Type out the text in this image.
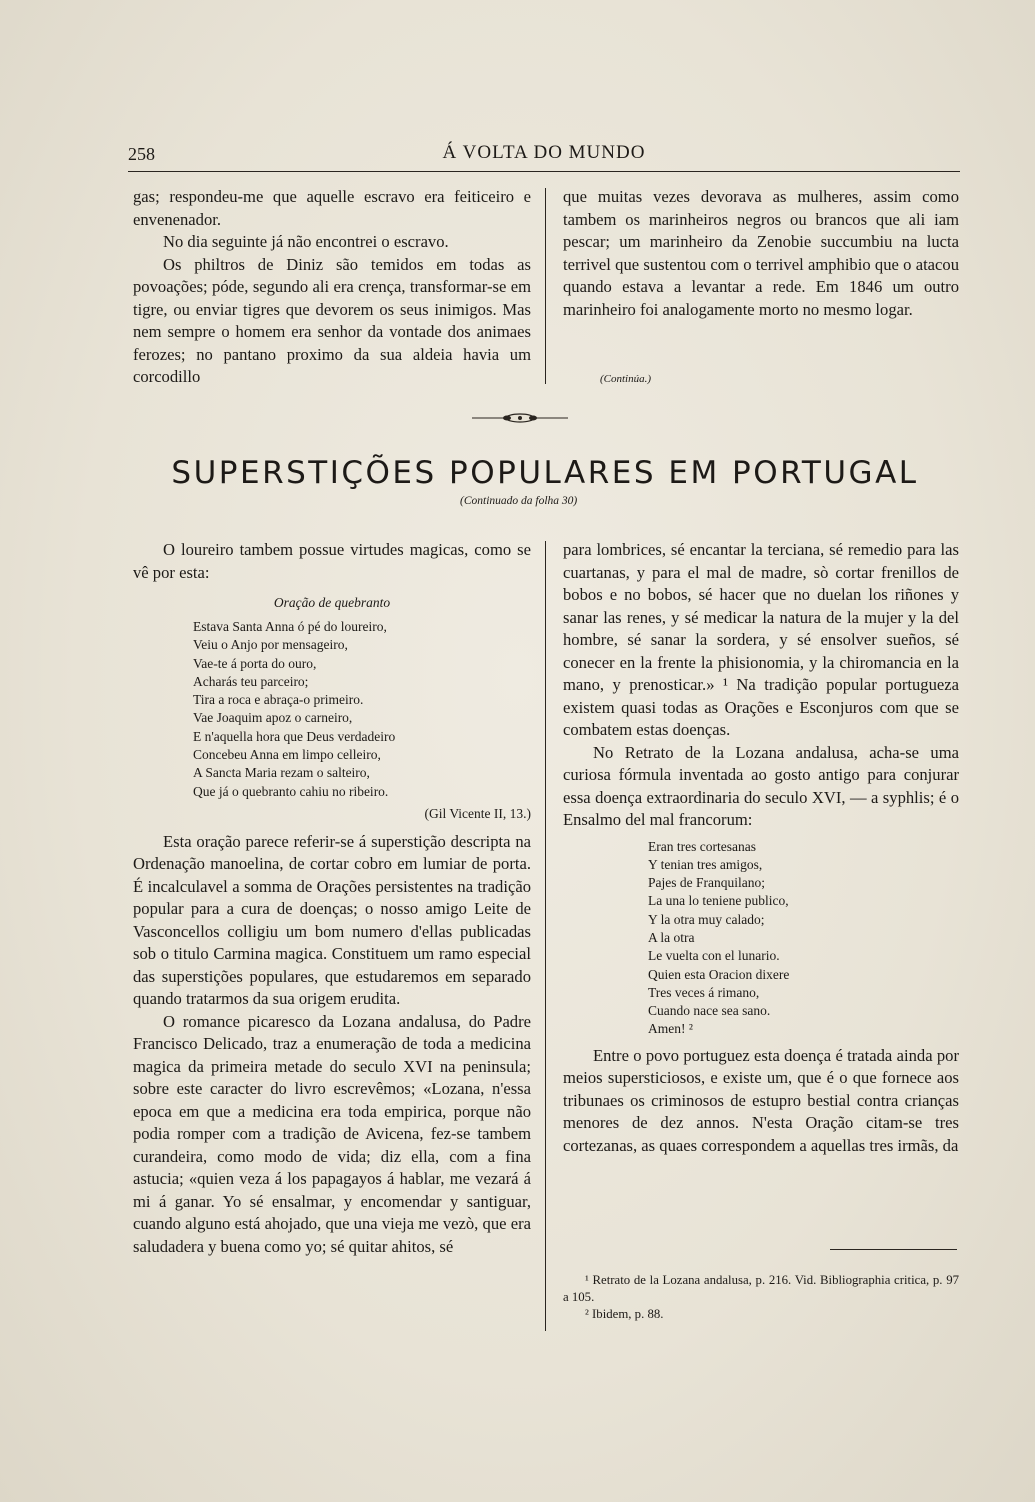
258	Á VOLTA DO MUNDO

gas; respondeu-me que aquelle escravo era feiticeiro e envenenador.

No dia seguinte já não encontrei o escravo.

Os philtros de Diniz são temidos em todas as povoações; póde, segundo ali era crença, transformar-se em tigre, ou enviar tigres que devorem os seus inimigos. Mas nem sempre o homem era senhor da vontade dos animaes ferozes; no pantano proximo da sua aldeia havia um corcodillo

que muitas vezes devorava as mulheres, assim como tambem os marinheiros negros ou brancos que ali iam pescar; um marinheiro da Zenobie succumbiu na lucta terrivel que sustentou com o terrivel amphibio que o atacou quando estava a levantar a rede. Em 1846 um outro marinheiro foi analogamente morto no mesmo logar.

(Continúa.)
SUPERSTIÇÕES POPULARES EM PORTUGAL
(Continuado da folha 30)

O loureiro tambem possue virtudes magicas, como se vê por esta:

Oração de quebranto
Estava Santa Anna ó pé do loureiro,
Veiu o Anjo por mensageiro,
Vae-te á porta do ouro,
Acharás teu parceiro;
Tira a roca e abraça-o primeiro.
Vae Joaquim apoz o carneiro,
E n'aquella hora que Deus verdadeiro
Concebeu Anna em limpo celleiro,
A Sancta Maria rezam o salteiro,
Que já o quebranto cahiu no ribeiro.
(Gil Vicente II, 13.)

Esta oração parece referir-se á superstição descripta na Ordenação manoelina, de cortar cobro em lumiar de porta. É incalculavel a somma de Orações persistentes na tradição popular para a cura de doenças; o nosso amigo Leite de Vasconcellos colligiu um bom numero d'ellas publicadas sob o titulo Carmina magica. Constituem um ramo especial das superstições populares, que estudaremos em separado quando tratarmos da sua origem erudita.

O romance picaresco da Lozana andalusa, do Padre Francisco Delicado, traz a enumeração de toda a medicina magica da primeira metade do seculo XVI na peninsula; sobre este caracter do livro escrevêmos; «Lozana, n'essa epoca em que a medicina era toda empirica, porque não podia romper com a tradição de Avicena, fez-se tambem curandeira, como modo de vida; diz ella, com a fina astucia; «quien veza á los papagayos á hablar, me vezará á mi á ganar. Yo sé ensalmar, y encomendar y santiguar, cuando alguno está ahojado, que una vieja me vezò, que era saludadera y buena como yo; sé quitar ahitos, sé

para lombrices, sé encantar la terciana, sé remedio para las cuartanas, y para el mal de madre, sò cortar frenillos de bobos e no bobos, sé hacer que no duelan los riñones y sanar las renes, y sé medicar la natura de la mujer y la del hombre, sé sanar la sordera, y sé ensolver sueños, sé conecer en la frente la phisionomia, y la chiromancia en la mano, y prenosticar.» ¹ Na tradição popular portugueza existem quasi todas as Orações e Esconjuros com que se combatem estas doenças.

No Retrato de la Lozana andalusa, acha-se uma curiosa fórmula inventada ao gosto antigo para conjurar essa doença extraordinaria do seculo XVI, — a syphlis; é o Ensalmo del mal francorum:

Eran tres cortesanas
Y tenian tres amigos,
Pajes de Franquilano;
La una lo teniene publico,
Y la otra muy calado;
A la otra
Le vuelta con el lunario.
Quien esta Oracion dixere
Tres veces á rimano,
Cuando nace sea sano.
Amen! ²

Entre o povo portuguez esta doença é tratada ainda por meios supersticiosos, e existe um, que é o que fornece aos tribunaes os criminosos de estupro bestial contra crianças menores de dez annos. N'esta Oração citam-se tres cortezanas, as quaes correspondem a aquellas tres irmãs, da

¹ Retrato de la Lozana andalusa, p. 216. Vid. Bibliographia critica, p. 97 a 105.

² Ibidem, p. 88.
